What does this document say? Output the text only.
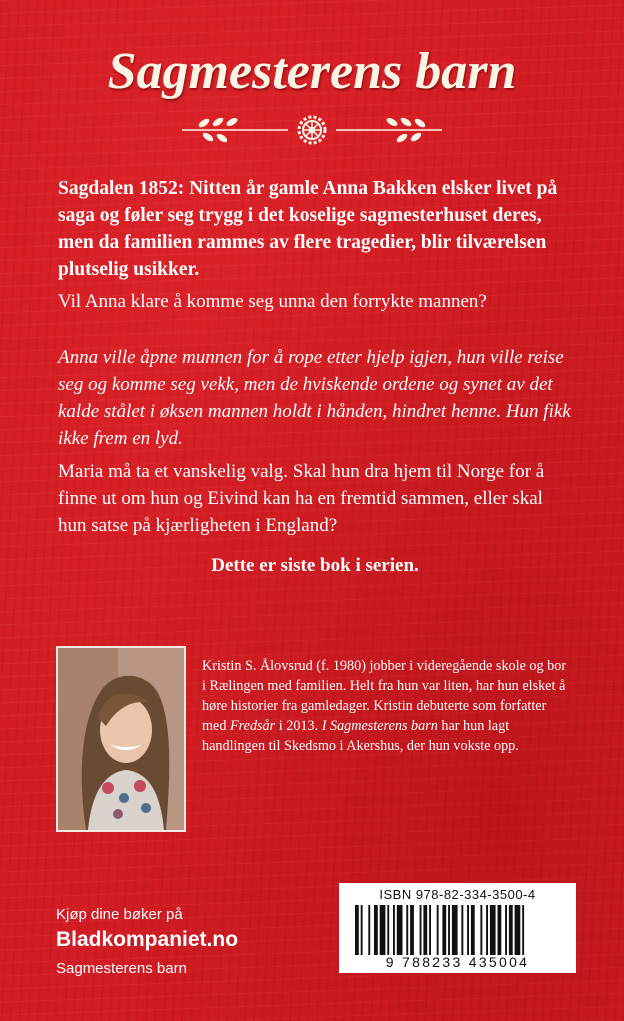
Sagmesterens barn

Sagdalen 1852: Nitten år gamle Anna Bakken elsker livet på saga og føler seg trygg i det koselige sagmesterhuset deres, men da familien rammes av flere tragedier, blir tilværelsen plutselig usikker.

Vil Anna klare å komme seg unna den forrykte mannen?

Anna ville åpne munnen for å rope etter hjelp igjen, hun ville reise seg og komme seg vekk, men de hviskende ordene og synet av det kalde stålet i øksen mannen holdt i hånden, hindret henne. Hun fikk ikke frem en lyd.

Maria må ta et vanskelig valg. Skal hun dra hjem til Norge for å finne ut om hun og Eivind kan ha en fremtid sammen, eller skal hun satse på kjærligheten i England?

Dette er siste bok i serien.

Kristin S. Ålovsrud (f. 1980) jobber i videregående skole og bor i Rælingen med familien. Helt fra hun var liten, har hun elsket å høre historier fra gamledager. Kristin debuterte som forfatter med Fredsår i 2013. I Sagmesterens barn har hun lagt handlingen til Skedsmo i Akershus, der hun vokste opp.

ISBN 978-82-334-3500-4
9 788233 435004

Kjøp dine bøker på

Bladkompaniet.no

Sagmesterens barn
